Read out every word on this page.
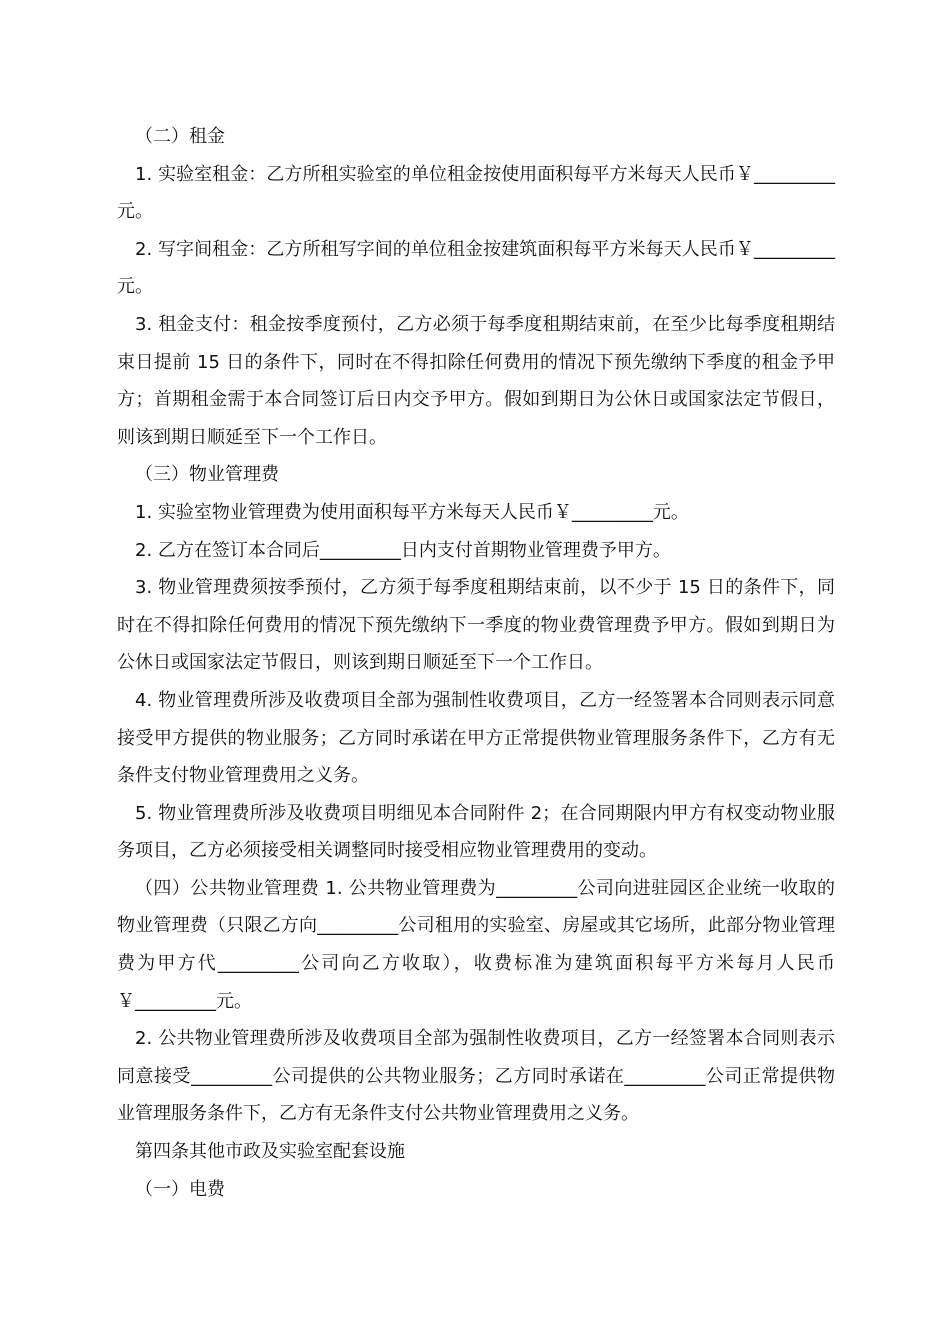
（二）租金

1. 实验室租金：乙方所租实验室的单位租金按使用面积每平方米每天人民币￥_________元。

2. 写字间租金：乙方所租写字间的单位租金按建筑面积每平方米每天人民币￥_________元。

3. 租金支付：租金按季度预付，乙方必须于每季度租期结束前，在至少比每季度租期结束日提前 15 日的条件下，同时在不得扣除任何费用的情况下预先缴纳下季度的租金予甲方；首期租金需于本合同签订后日内交予甲方。假如到期日为公休日或国家法定节假日，则该到期日顺延至下一个工作日。

（三）物业管理费

1. 实验室物业管理费为使用面积每平方米每天人民币￥_________元。

2. 乙方在签订本合同后_________日内支付首期物业管理费予甲方。

3. 物业管理费须按季预付，乙方须于每季度租期结束前，以不少于 15 日的条件下，同时在不得扣除任何费用的情况下预先缴纳下一季度的物业费管理费予甲方。假如到期日为公休日或国家法定节假日，则该到期日顺延至下一个工作日。

4. 物业管理费所涉及收费项目全部为强制性收费项目，乙方一经签署本合同则表示同意接受甲方提供的物业服务；乙方同时承诺在甲方正常提供物业管理服务条件下，乙方有无条件支付物业管理费用之义务。

5. 物业管理费所涉及收费项目明细见本合同附件 2；在合同期限内甲方有权变动物业服务项目，乙方必须接受相关调整同时接受相应物业管理费用的变动。

（四）公共物业管理费 1. 公共物业管理费为_________公司向进驻园区企业统一收取的物业管理费（只限乙方向_________公司租用的实验室、房屋或其它场所，此部分物业管理费为甲方代_________公司向乙方收取），收费标准为建筑面积每平方米每月人民币￥_________元。

2. 公共物业管理费所涉及收费项目全部为强制性收费项目，乙方一经签署本合同则表示同意接受_________公司提供的公共物业服务；乙方同时承诺在_________公司正常提供物业管理服务条件下，乙方有无条件支付公共物业管理费用之义务。

第四条其他市政及实验室配套设施

（一）电费
